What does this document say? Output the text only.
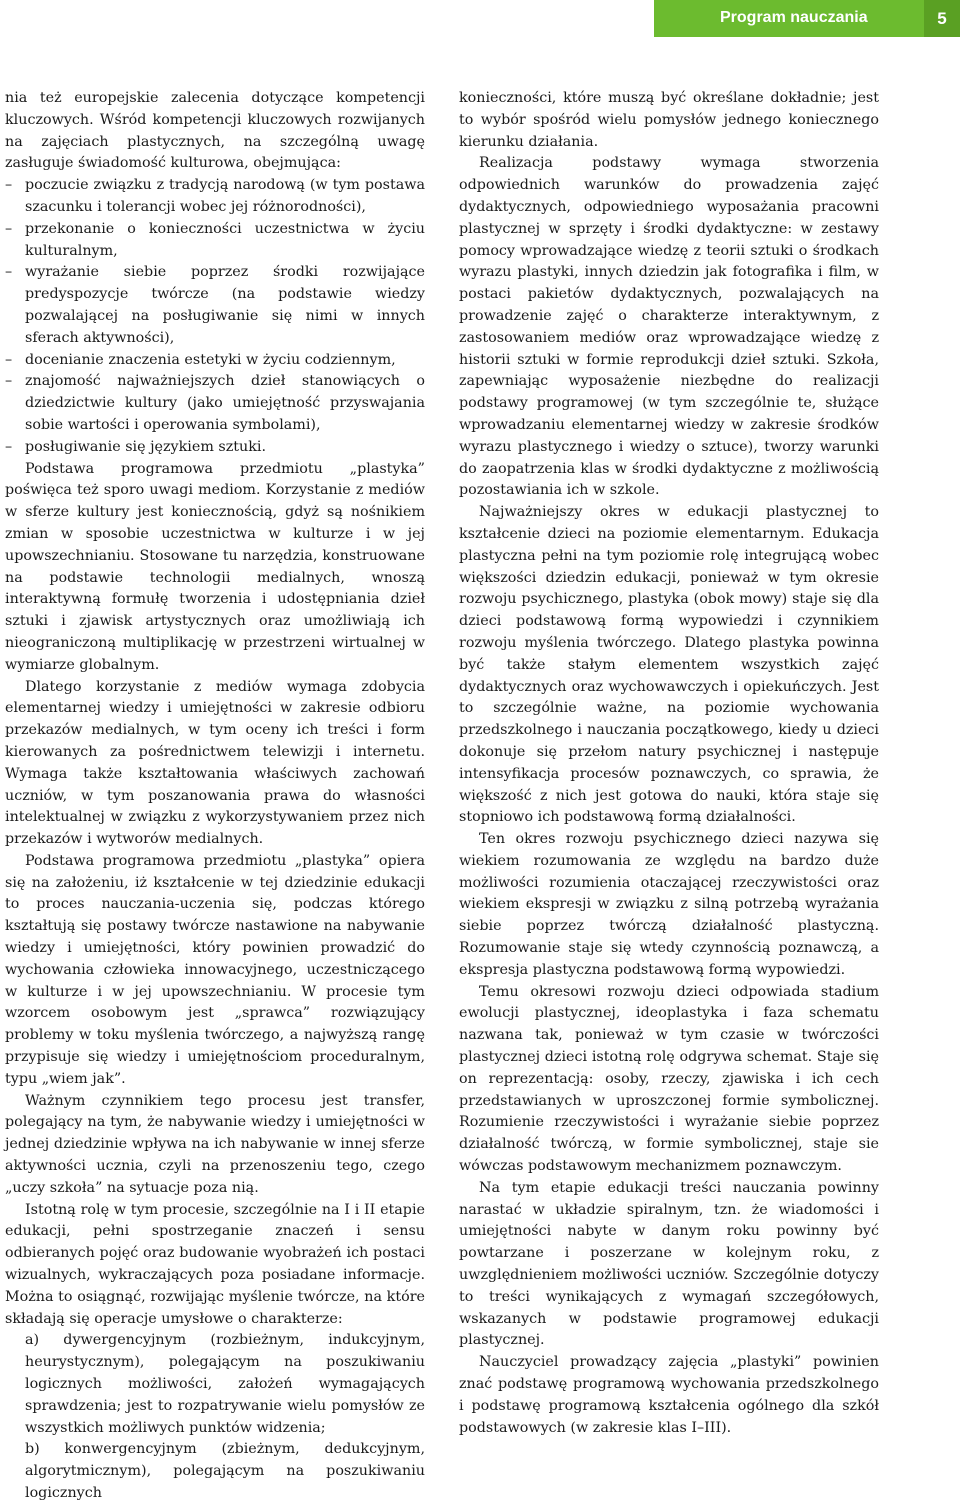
Program nauczania	5

nia też europejskie zalecenia dotyczące kompetencji kluczowych. Wśród kompetencji kluczowych rozwijanych na zajęciach plastycznych, na szczególną uwagę zasługuje świadomość kulturowa, obejmująca:

– poczucie związku z tradycją narodową (w tym postawa szacunku i tolerancji wobec jej różnorodności),
– przekonanie o konieczności uczestnictwa w życiu kulturalnym,
– wyrażanie siebie poprzez środki rozwijające predyspozycje twórcze (na podstawie wiedzy pozwalającej na posługiwanie się nimi w innych sferach aktywności),
– docenianie znaczenia estetyki w życiu codziennym,
– znajomość najważniejszych dzieł stanowiących o dziedzictwie kultury (jako umiejętność przyswajania sobie wartości i operowania symbolami),
– posługiwanie się językiem sztuki.

Podstawa programowa przedmiotu „plastyka” poświęca też sporo uwagi mediom. Korzystanie z mediów w sferze kultury jest koniecznością, gdyż są nośnikiem zmian w sposobie uczestnictwa w kulturze i w jej upowszechnianiu. Stosowane tu narzędzia, konstruowane na podstawie technologii medialnych, wnoszą interaktywną formułę tworzenia i udostępniania dzieł sztuki i zjawisk artystycznych oraz umożliwiają ich nieograniczoną multiplikację w przestrzeni wirtualnej w wymiarze globalnym.

Dlatego korzystanie z mediów wymaga zdobycia elementarnej wiedzy i umiejętności w zakresie odbioru przekazów medialnych, w tym oceny ich treści i form kierowanych za pośrednictwem telewizji i internetu. Wymaga także kształtowania właściwych zachowań uczniów, w tym poszanowania prawa do własności intelektualnej w związku z wykorzystywaniem przez nich przekazów i wytworów medialnych.

Podstawa programowa przedmiotu „plastyka” opiera się na założeniu, iż kształcenie w tej dziedzinie edukacji to proces nauczania-uczenia się, podczas którego kształtują się postawy twórcze nastawione na nabywanie wiedzy i umiejętności, który powinien prowadzić do wychowania człowieka innowacyjnego, uczestniczącego w kulturze i w jej upowszechnianiu. W procesie tym wzorcem osobowym jest „sprawca” rozwiązujący problemy w toku myślenia twórczego, a najwyższą rangę przypisuje się wiedzy i umiejętnościom proceduralnym, typu „wiem jak”.

Ważnym czynnikiem tego procesu jest transfer, polegający na tym, że nabywanie wiedzy i umiejętności w jednej dziedzinie wpływa na ich nabywanie w innej sferze aktywności ucznia, czyli na przenoszeniu tego, czego „uczy szkoła” na sytuacje poza nią.

Istotną rolę w tym procesie, szczególnie na I i II etapie edukacji, pełni spostrzeganie znaczeń i sensu odbieranych pojęć oraz budowanie wyobrażeń ich postaci wizualnych, wykraczających poza posiadane informacje. Można to osiągnąć, rozwijając myślenie twórcze, na które składają się operacje umysłowe o charakterze:

a) dywergencyjnym (rozbieżnym, indukcyjnym, heurystycznym), polegającym na poszukiwaniu logicznych możliwości, założeń wymagających sprawdzenia; jest to rozpatrywanie wielu pomysłów ze wszystkich możliwych punktów widzenia;

b) konwergencyjnym (zbieżnym, dedukcyjnym, algorytmicznym), polegającym na poszukiwaniu logicznych

konieczności, które muszą być określane dokładnie; jest to wybór spośród wielu pomysłów jednego koniecznego kierunku działania.

Realizacja podstawy wymaga stworzenia odpowiednich warunków do prowadzenia zajęć dydaktycznych, odpowiedniego wyposażania pracowni plastycznej w sprzęty i środki dydaktyczne: w zestawy pomocy wprowadzające wiedzę z teorii sztuki o środkach wyrazu plastyki, innych dziedzin jak fotografika i film, w postaci pakietów dydaktycznych, pozwalających na prowadzenie zajęć o charakterze interaktywnym, z zastosowaniem mediów oraz wprowadzające wiedzę z historii sztuki w formie reprodukcji dzieł sztuki. Szkoła, zapewniając wyposażenie niezbędne do realizacji podstawy programowej (w tym szczególnie te, służące wprowadzaniu elementarnej wiedzy w zakresie środków wyrazu plastycznego i wiedzy o sztuce), tworzy warunki do zaopatrzenia klas w środki dydaktyczne z możliwością pozostawiania ich w szkole.

Najważniejszy okres w edukacji plastycznej to kształcenie dzieci na poziomie elementarnym. Edukacja plastyczna pełni na tym poziomie rolę integrującą wobec większości dziedzin edukacji, ponieważ w tym okresie rozwoju psychicznego, plastyka (obok mowy) staje się dla dzieci podstawową formą wypowiedzi i czynnikiem rozwoju myślenia twórczego. Dlatego plastyka powinna być także stałym elementem wszystkich zajęć dydaktycznych oraz wychowawczych i opiekuńczych. Jest to szczególnie ważne, na poziomie wychowania przedszkolnego i nauczania początkowego, kiedy u dzieci dokonuje się przełom natury psychicznej i następuje intensyfikacja procesów poznawczych, co sprawia, że większość z nich jest gotowa do nauki, która staje się stopniowo ich podstawową formą działalności.

Ten okres rozwoju psychicznego dzieci nazywa się wiekiem rozumowania ze względu na bardzo duże możliwości rozumienia otaczającej rzeczywistości oraz wiekiem ekspresji w związku z silną potrzebą wyrażania siebie poprzez twórczą działalność plastyczną. Rozumowanie staje się wtedy czynnością poznawczą, a ekspresja plastyczna podstawową formą wypowiedzi.

Temu okresowi rozwoju dzieci odpowiada stadium ewolucji plastycznej, ideoplastyka i faza schematu nazwana tak, ponieważ w tym czasie w twórczości plastycznej dzieci istotną rolę odgrywa schemat. Staje się on reprezentacją: osoby, rzeczy, zjawiska i ich cech przedstawianych w uproszczonej formie symbolicznej. Rozumienie rzeczywistości i wyrażanie siebie poprzez działalność twórczą, w formie symbolicznej, staje sie wówczas podstawowym mechanizmem poznawczym.

Na tym etapie edukacji treści nauczania powinny narastać w układzie spiralnym, tzn. że wiadomości i umiejętności nabyte w danym roku powinny być powtarzane i poszerzane w kolejnym roku, z uwzględnieniem możliwości uczniów. Szczególnie dotyczy to treści wynikających z wymagań szczegółowych, wskazanych w podstawie programowej edukacji plastycznej.

Nauczyciel prowadzący zajęcia „plastyki” powinien znać podstawę programową wychowania przedszkolnego i podstawę programową kształcenia ogólnego dla szkół podstawowych (w zakresie klas I–III).
